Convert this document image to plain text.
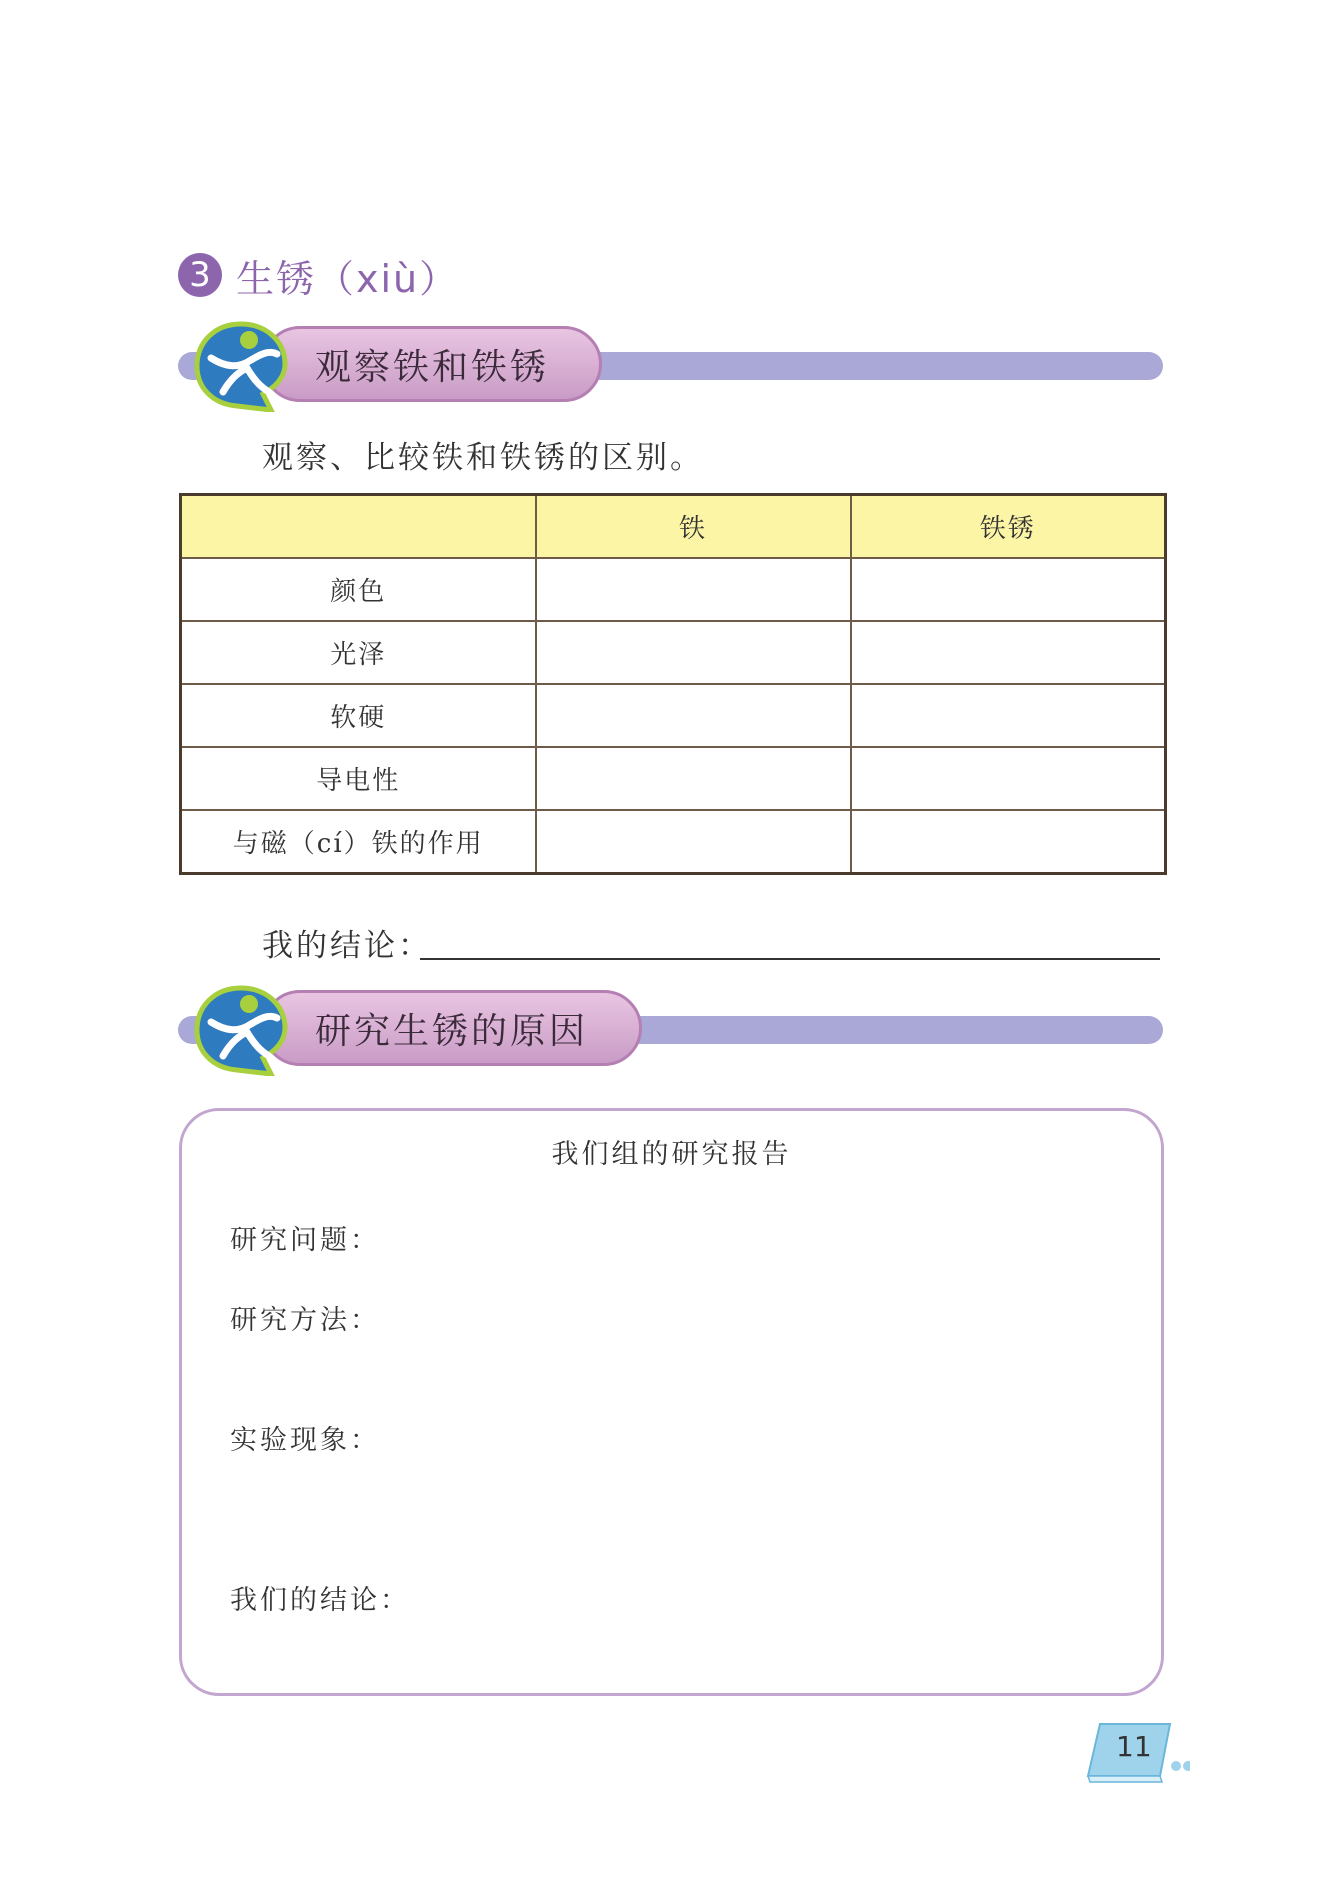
3 生锈（xiù）
观察铁和铁锈
观察、比较铁和铁锈的区别。
	铁	铁锈
颜色		
光泽		
软硬		
导电性		
与磁（cí）铁的作用		
我的结论：
研究生锈的原因
我们组的研究报告
研究问题：
研究方法：
实验现象：
我们的结论：
11
